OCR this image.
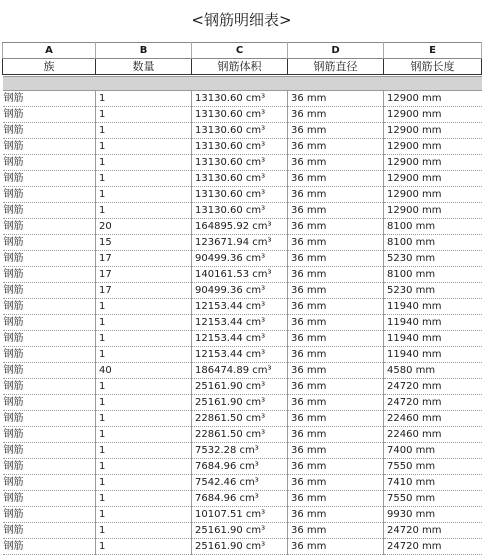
<钢筋明细表>
A	B	C	D	E
族	数量	钢筋体积	钢筋直径	钢筋长度

钢筋	1	13130.60 cm³	36 mm	12900 mm
钢筋	1	13130.60 cm³	36 mm	12900 mm
钢筋	1	13130.60 cm³	36 mm	12900 mm
钢筋	1	13130.60 cm³	36 mm	12900 mm
钢筋	1	13130.60 cm³	36 mm	12900 mm
钢筋	1	13130.60 cm³	36 mm	12900 mm
钢筋	1	13130.60 cm³	36 mm	12900 mm
钢筋	1	13130.60 cm³	36 mm	12900 mm
钢筋	20	164895.92 cm³	36 mm	8100 mm
钢筋	15	123671.94 cm³	36 mm	8100 mm
钢筋	17	90499.36 cm³	36 mm	5230 mm
钢筋	17	140161.53 cm³	36 mm	8100 mm
钢筋	17	90499.36 cm³	36 mm	5230 mm
钢筋	1	12153.44 cm³	36 mm	11940 mm
钢筋	1	12153.44 cm³	36 mm	11940 mm
钢筋	1	12153.44 cm³	36 mm	11940 mm
钢筋	1	12153.44 cm³	36 mm	11940 mm
钢筋	40	186474.89 cm³	36 mm	4580 mm
钢筋	1	25161.90 cm³	36 mm	24720 mm
钢筋	1	25161.90 cm³	36 mm	24720 mm
钢筋	1	22861.50 cm³	36 mm	22460 mm
钢筋	1	22861.50 cm³	36 mm	22460 mm
钢筋	1	7532.28 cm³	36 mm	7400 mm
钢筋	1	7684.96 cm³	36 mm	7550 mm
钢筋	1	7542.46 cm³	36 mm	7410 mm
钢筋	1	7684.96 cm³	36 mm	7550 mm
钢筋	1	10107.51 cm³	36 mm	9930 mm
钢筋	1	25161.90 cm³	36 mm	24720 mm
钢筋	1	25161.90 cm³	36 mm	24720 mm
